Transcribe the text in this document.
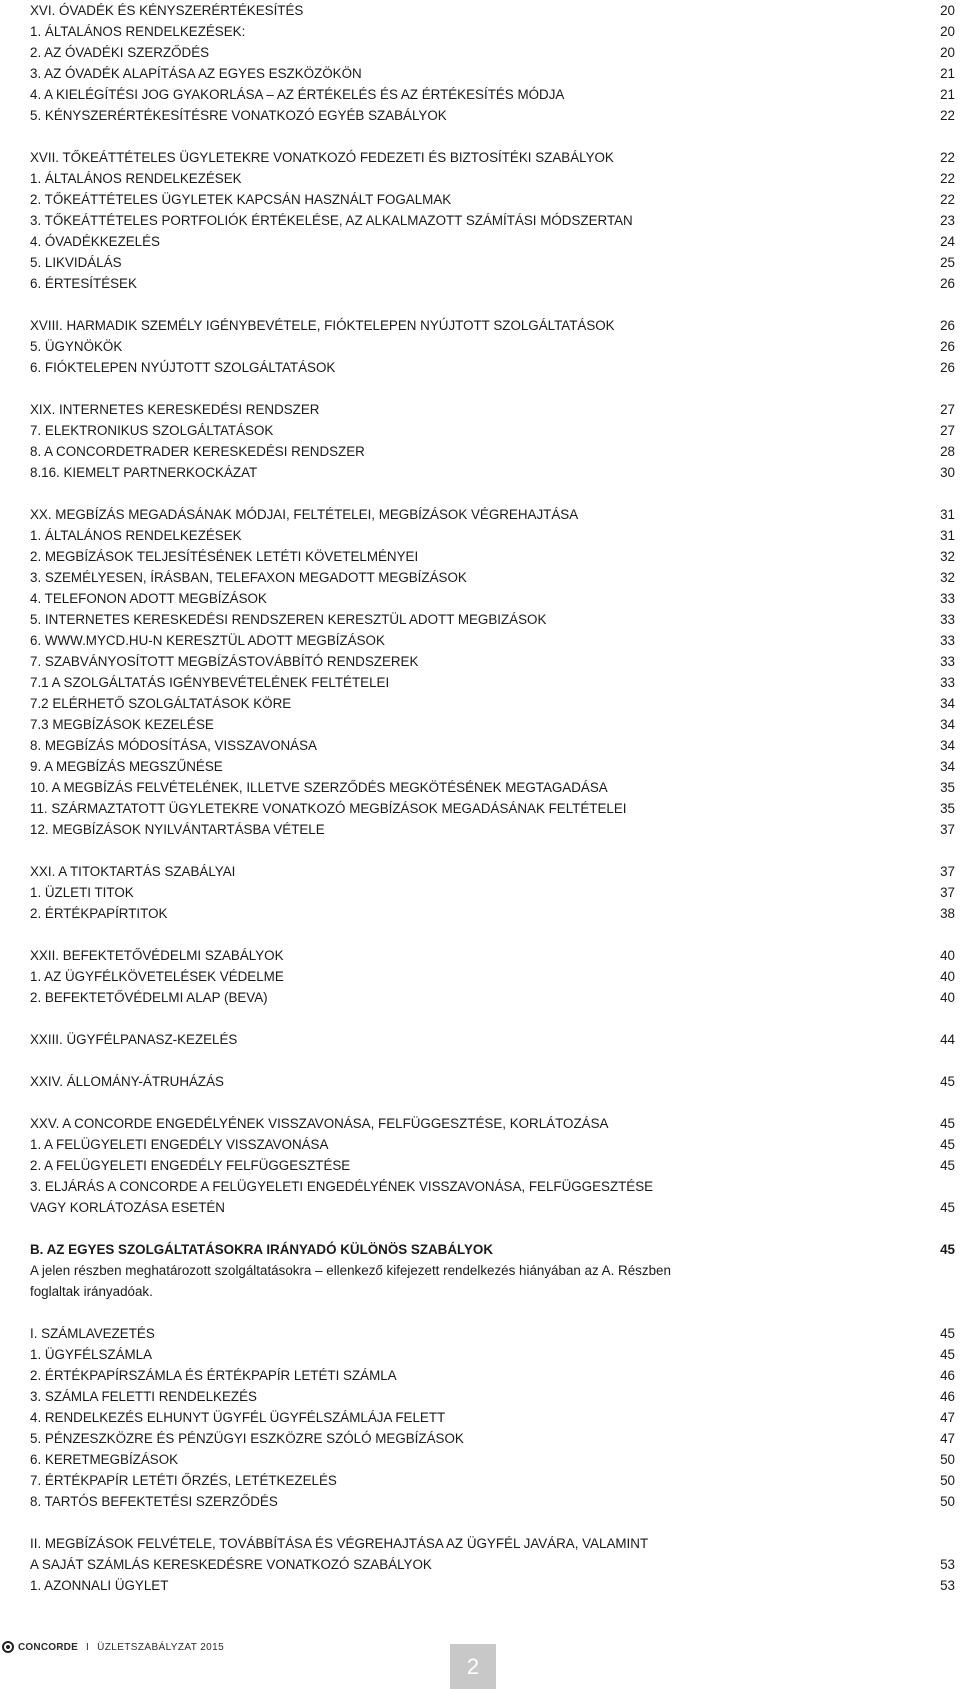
XVI. ÓVADÉK ÉS KÉNYSZERÉRTÉKESÍTÉS	20
1. ÁLTALÁNOS RENDELKEZÉSEK:	20
2. AZ ÓVADÉKI SZERZŐDÉS	20
3. AZ ÓVADÉK ALAPÍTÁSA AZ EGYES ESZKÖZÖKÖN	21
4. A KIELÉGÍTÉSI JOG GYAKORLÁSA – AZ ÉRTÉKELÉS ÉS AZ ÉRTÉKESÍTÉS MÓDJA	21
5. KÉNYSZERÉRTÉKESÍTÉSRE VONATKOZÓ EGYÉB SZABÁLYOK	22
XVII. TŐKEÁTTÉTELES ÜGYLETEKRE VONATKOZÓ FEDEZETI ÉS BIZTOSÍTÉKI SZABÁLYOK	22
1. ÁLTALÁNOS RENDELKEZÉSEK	22
2. TŐKEÁTTÉTELES ÜGYLETEK KAPCSÁN HASZNÁLT FOGALMAK	22
3. TŐKEÁTTÉTELES PORTFOLIÓK ÉRTÉKELÉSE, AZ ALKALMAZOTT SZÁMÍTÁSI MÓDSZERTAN	23
4. ÓVADÉKKEZELÉS	24
5. LIKVIDÁLÁS	25
6. ÉRTESÍTÉSEK	26
XVIII. HARMADIK SZEMÉLY IGÉNYBEVÉTELE, FIÓKTELEPEN NYÚJTOTT SZOLGÁLTATÁSOK	26
5. ÜGYNÖKÖK	26
6. FIÓKTELEPEN NYÚJTOTT SZOLGÁLTATÁSOK	26
XIX. INTERNETES KERESKEDÉSI RENDSZER	27
7. ELEKTRONIKUS SZOLGÁLTATÁSOK	27
8. A CONCORDETRADER KERESKEDÉSI RENDSZER	28
8.16. KIEMELT PARTNERKOCKÁZAT	30
XX. MEGBÍZÁS MEGADÁSÁNAK MÓDJAI, FELTÉTELEI, MEGBÍZÁSOK VÉGREHAJTÁSA	31
1. ÁLTALÁNOS RENDELKEZÉSEK	31
2. MEGBÍZÁSOK TELJESÍTÉSÉNEK LETÉTI KÖVETELMÉNYEI	32
3. SZEMÉLYESEN, ÍRÁSBAN, TELEFAXON MEGADOTT MEGBÍZÁSOK	32
4. TELEFONON ADOTT MEGBÍZÁSOK	33
5. INTERNETES KERESKEDÉSI RENDSZEREN KERESZTÜL ADOTT MEGBIZÁSOK	33
6. WWW.MYCD.HU-N KERESZTÜL ADOTT MEGBÍZÁSOK	33
7. SZABVÁNYOSÍTOTT MEGBÍZÁSTOVÁBBÍTÓ RENDSZEREK	33
7.1 A SZOLGÁLTATÁS IGÉNYBEVÉTELÉNEK FELTÉTELEI	33
7.2 ELÉRHETŐ SZOLGÁLTATÁSOK KÖRE	34
7.3 MEGBÍZÁSOK KEZELÉSE	34
8. MEGBÍZÁS MÓDOSÍTÁSA, VISSZAVONÁSA	34
9. A MEGBÍZÁS MEGSZŰNÉSE	34
10. A MEGBÍZÁS FELVÉTELÉNEK, ILLETVE SZERZŐDÉS MEGKÖTÉSÉNEK MEGTAGADÁSA	35
11. SZÁRMAZTATOTT ÜGYLETEKRE VONATKOZÓ MEGBÍZÁSOK MEGADÁSÁNAK FELTÉTELEI	35
12. MEGBÍZÁSOK NYILVÁNTARTÁSBA VÉTELE	37
XXI. A TITOKTARTÁS SZABÁLYAI	37
1. ÜZLETI TITOK	37
2. ÉRTÉKPAPÍRTITOK	38
XXII. BEFEKTETŐVÉDELMI SZABÁLYOK	40
1. AZ ÜGYFÉLKÖVETELÉSEK VÉDELME	40
2. BEFEKTETŐVÉDELMI ALAP (BEVA)	40
XXIII. ÜGYFÉLPANASZ-KEZELÉS	44
XXIV. ÁLLOMÁNY-ÁTRUHÁZÁS	45
XXV. A CONCORDE ENGEDÉLYÉNEK VISSZAVONÁSA, FELFÜGGESZTÉSE, KORLÁTOZÁSA	45
1. A FELÜGYELETI ENGEDÉLY VISSZAVONÁSA	45
2. A FELÜGYELETI ENGEDÉLY FELFÜGGESZTÉSE	45
3. ELJÁRÁS A CONCORDE A FELÜGYELETI ENGEDÉLYÉNEK VISSZAVONÁSA, FELFÜGGESZTÉSE
VAGY KORLÁTOZÁSA ESETÉN	45
B. AZ EGYES SZOLGÁLTATÁSOKRA IRÁNYADÓ KÜLÖNÖS SZABÁLYOK	45
A jelen részben meghatározott szolgáltatásokra – ellenkező kifejezett rendelkezés hiányában az A. Részben foglaltak irányadóak.
I. SZÁMLAVEZETÉS	45
1. ÜGYFÉLSZÁMLA	45
2. ÉRTÉKPAPÍRSZÁMLA ÉS ÉRTÉKPAPÍR LETÉTI SZÁMLA	46
3. SZÁMLA FELETTI RENDELKEZÉS	46
4. RENDELKEZÉS ELHUNYT ÜGYFÉL ÜGYFÉLSZÁMLÁJA FELETT	47
5. PÉNZESZKÖZRE ÉS PÉNZÜGYI ESZKÖZRE SZÓLÓ MEGBÍZÁSOK	47
6. KERETMEGBÍZÁSOK	50
7. ÉRTÉKPAPÍR LETÉTI ŐRZÉS, LETÉTKEZELÉS	50
8. TARTÓS BEFEKTETÉSI SZERZŐDÉS	50
II. MEGBÍZÁSOK FELVÉTELE, TOVÁBBÍTÁSA ÉS VÉGREHAJTÁSA AZ ÜGYFÉL JAVÁRA, VALAMINT
A SAJÁT SZÁMLÁS KERESKEDÉSRE VONATKOZÓ SZABÁLYOK	53
1. AZONNALI ÜGYLET	53
CONCORDE I ÜZLETSZABÁLYZAT 2015
2
